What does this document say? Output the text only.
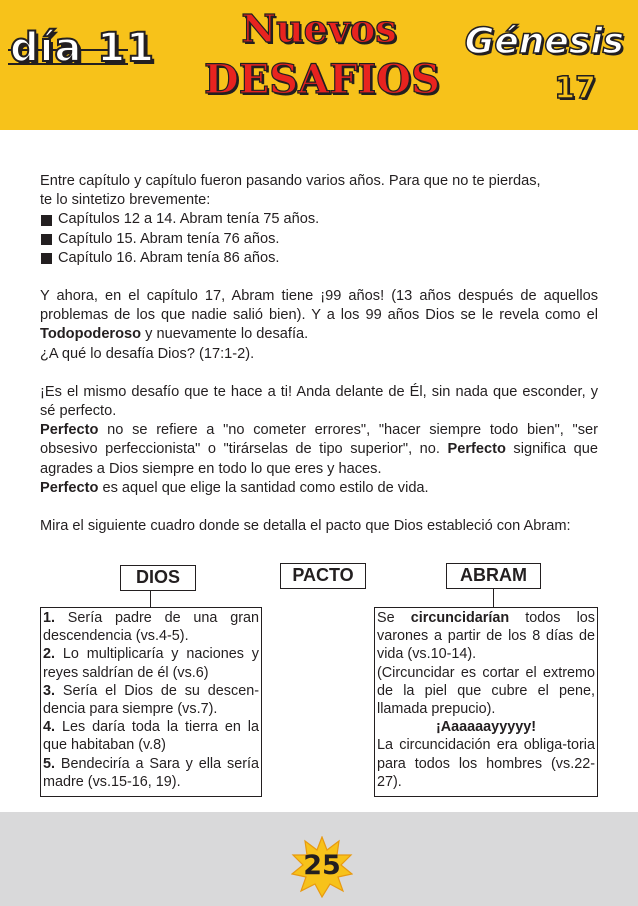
día 11	Nuevos
DESAFIOS
Génesis
17

Entre capítulo y capítulo fueron pasando varios años. Para que no te pierdas,

te lo sintetizo brevemente:

Capítulos 12 a 14. Abram tenía 75 años.
Capítulo 15. Abram tenía 76 años.
Capítulo 16. Abram tenía 86 años.

Y ahora, en el capítulo 17, Abram tiene ¡99 años! (13 años después de aquellos problemas de los que nadie salió bien). Y a los 99 años Dios se le revela como el Todopoderoso y nuevamente lo desafía.

¿A qué lo desafía Dios? (17:1-2).

¡Es el mismo desafío que te hace a ti! Anda delante de Él, sin nada que esconder, y sé perfecto.

Perfecto no se refiere a "no cometer errores", "hacer siempre todo bien", "ser obsesivo perfeccionista" o "tirárselas de tipo superior", no. Perfecto significa que agrades a Dios siempre en todo lo que eres y haces.

Perfecto es aquel que elige la santidad como estilo de vida.

Mira el siguiente cuadro donde se detalla el pacto que Dios estableció con Abram:

DIOS	PACTO	ABRAM

1. Sería padre de una gran descendencia (vs.4-5).

2. Lo multiplicaría y naciones y reyes saldrían de él (vs.6)

3. Sería el Dios de su descen-dencia para siempre (vs.7).

4. Les daría toda la tierra en la que habitaban (v.8)

5. Bendeciría a Sara y ella sería madre (vs.15-16, 19).

Se circuncidarían todos los varones a partir de los 8 días de vida (vs.10-14).

(Circuncidar es cortar el extremo de la piel que cubre el pene, llamada prepucio).

¡Aaaaaayyyyy!

La circuncidación era obliga-toria para todos los hombres (vs.22-27).

25
